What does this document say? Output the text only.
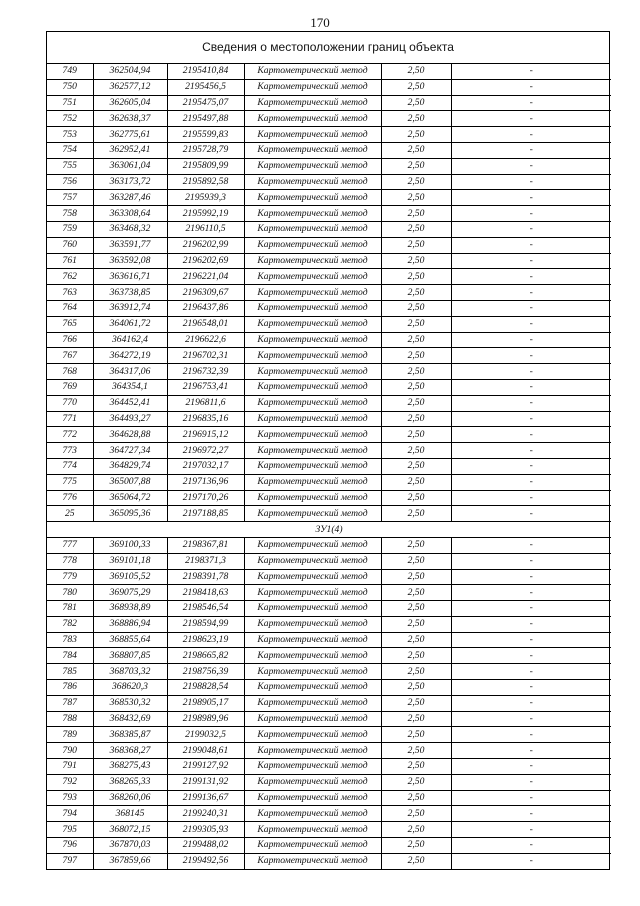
170
Сведения о местоположении границ объекта
749	362504,94	2195410,84	Картометрический метод	2,50	-
750	362577,12	2195456,5	Картометрический метод	2,50	-
751	362605,04	2195475,07	Картометрический метод	2,50	-
752	362638,37	2195497,88	Картометрический метод	2,50	-
753	362775,61	2195599,83	Картометрический метод	2,50	-
754	362952,41	2195728,79	Картометрический метод	2,50	-
755	363061,04	2195809,99	Картометрический метод	2,50	-
756	363173,72	2195892,58	Картометрический метод	2,50	-
757	363287,46	2195939,3	Картометрический метод	2,50	-
758	363308,64	2195992,19	Картометрический метод	2,50	-
759	363468,32	2196110,5	Картометрический метод	2,50	-
760	363591,77	2196202,99	Картометрический метод	2,50	-
761	363592,08	2196202,69	Картометрический метод	2,50	-
762	363616,71	2196221,04	Картометрический метод	2,50	-
763	363738,85	2196309,67	Картометрический метод	2,50	-
764	363912,74	2196437,86	Картометрический метод	2,50	-
765	364061,72	2196548,01	Картометрический метод	2,50	-
766	364162,4	2196622,6	Картометрический метод	2,50	-
767	364272,19	2196702,31	Картометрический метод	2,50	-
768	364317,06	2196732,39	Картометрический метод	2,50	-
769	364354,1	2196753,41	Картометрический метод	2,50	-
770	364452,41	2196811,6	Картометрический метод	2,50	-
771	364493,27	2196835,16	Картометрический метод	2,50	-
772	364628,88	2196915,12	Картометрический метод	2,50	-
773	364727,34	2196972,27	Картометрический метод	2,50	-
774	364829,74	2197032,17	Картометрический метод	2,50	-
775	365007,88	2197136,96	Картометрический метод	2,50	-
776	365064,72	2197170,26	Картометрический метод	2,50	-
25	365095,36	2197188,85	Картометрический метод	2,50	-
ЗУ1(4)					
777	369100,33	2198367,81	Картометрический метод	2,50	-
778	369101,18	2198371,3	Картометрический метод	2,50	-
779	369105,52	2198391,78	Картометрический метод	2,50	-
780	369075,29	2198418,63	Картометрический метод	2,50	-
781	368938,89	2198546,54	Картометрический метод	2,50	-
782	368886,94	2198594,99	Картометрический метод	2,50	-
783	368855,64	2198623,19	Картометрический метод	2,50	-
784	368807,85	2198665,82	Картометрический метод	2,50	-
785	368703,32	2198756,39	Картометрический метод	2,50	-
786	368620,3	2198828,54	Картометрический метод	2,50	-
787	368530,32	2198905,17	Картометрический метод	2,50	-
788	368432,69	2198989,96	Картометрический метод	2,50	-
789	368385,87	2199032,5	Картометрический метод	2,50	-
790	368368,27	2199048,61	Картометрический метод	2,50	-
791	368275,43	2199127,92	Картометрический метод	2,50	-
792	368265,33	2199131,92	Картометрический метод	2,50	-
793	368260,06	2199136,67	Картометрический метод	2,50	-
794	368145	2199240,31	Картометрический метод	2,50	-
795	368072,15	2199305,93	Картометрический метод	2,50	-
796	367870,03	2199488,02	Картометрический метод	2,50	-
797	367859,66	2199492,56	Картометрический метод	2,50	-
